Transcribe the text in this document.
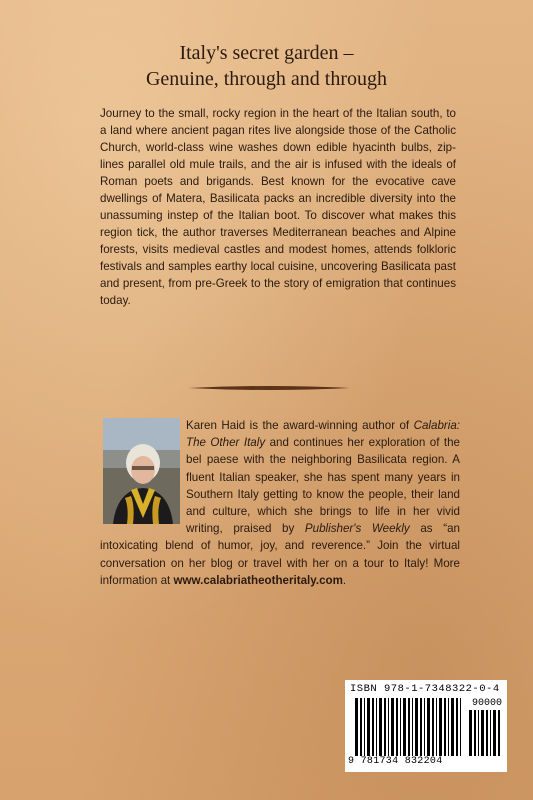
Italy's secret garden –
Genuine, through and through

Journey to the small, rocky region in the heart of the Italian south, to a land where ancient pagan rites live alongside those of the Catholic Church, world-class wine washes down edible hyacinth bulbs, zip-lines parallel old mule trails, and the air is infused with the ideals of Roman poets and brigands. Best known for the evocative cave dwellings of Matera, Basilicata packs an incredible diversity into the unassuming instep of the Italian boot. To discover what makes this region tick, the author traverses Mediterranean beaches and Alpine forests, visits medieval castles and modest homes, attends folkloric festivals and samples earthy local cuisine, uncovering Basilicata past and present, from pre-Greek to the story of emigration that continues today.

Karen Haid is the award-winning author of Calabria: The Other Italy and continues her exploration of the bel paese with the neighboring Basilicata region. A fluent Italian speaker, she has spent many years in Southern Italy getting to know the people, their land and culture, which she brings to life in her vivid writing, praised by Publisher's Weekly as “an intoxicating blend of humor, joy, and reverence.” Join the virtual conversation on her blog or travel with her on a tour to Italy! More information at www.calabriatheotheritaly.com.

ISBN 978-1-7348322-0-4
90000
9 781734 832204
